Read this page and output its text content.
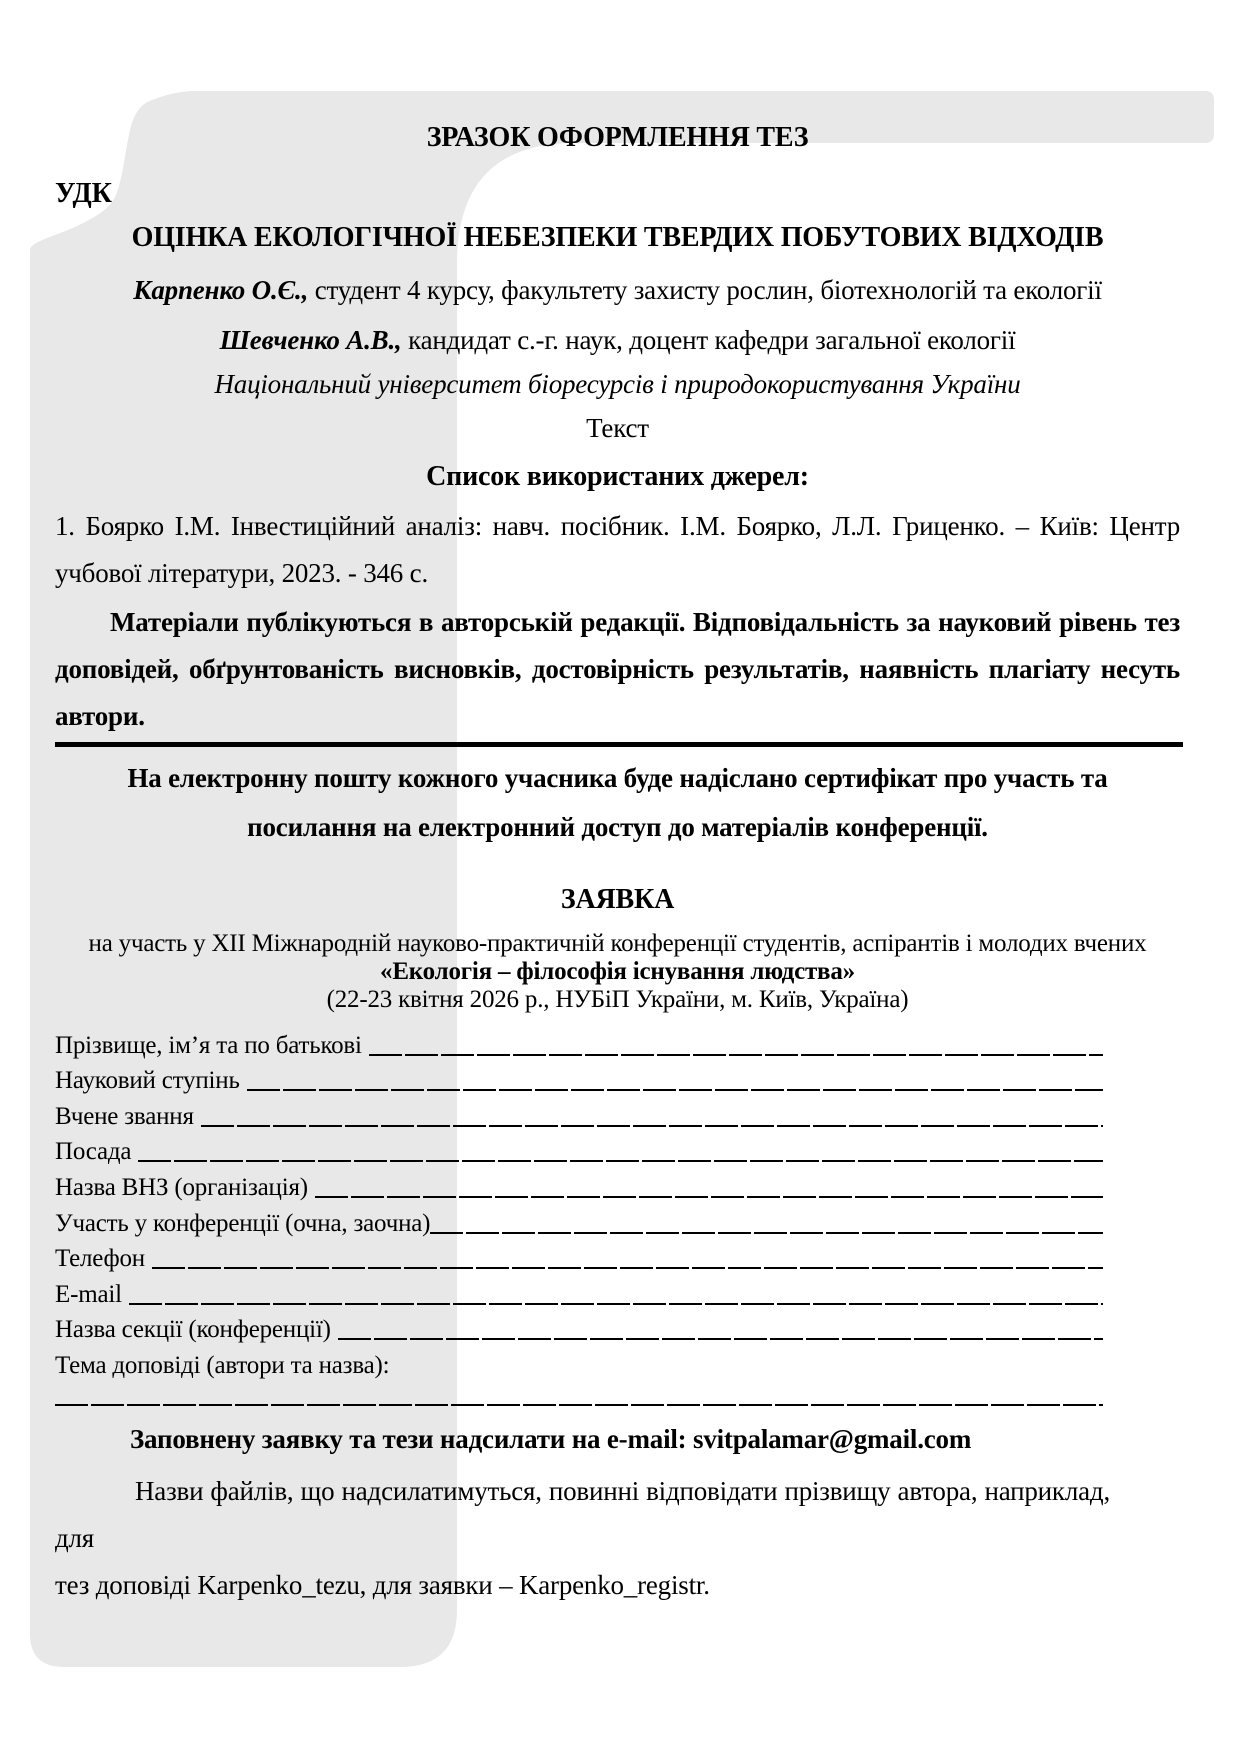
ЗРАЗОК ОФОРМЛЕННЯ ТЕЗ
УДК
ОЦІНКА ЕКОЛОГІЧНОЇ НЕБЕЗПЕКИ ТВЕРДИХ ПОБУТОВИХ ВІДХОДІВ
Карпенко О.Є., студент 4 курсу, факультету захисту рослин, біотехнологій та екології
Шевченко А.В., кандидат с.-г. наук, доцент кафедри загальної екології
Національний університет біоресурсів і природокористування України
Текст
Список використаних джерел:
1. Боярко І.М. Інвестиційний аналіз: навч. посібник. І.М. Боярко, Л.Л. Гриценко. – Київ: Центр
учбової літератури, 2023. - 346 с.
Матеріали публікуються в авторській редакції. Відповідальність за науковий рівень тез
доповідей, обґрунтованість висновків, достовірність результатів, наявність плагіату несуть
автори.
На електронну пошту кожного учасника буде надіслано сертифікат про участь та
посилання на електронний доступ до матеріалів конференції.
ЗАЯВКА
на участь у ХІІ Міжнародній науково-практичній конференції студентів, аспірантів і молодих вчених
«Екологія – філософія існування людства»
(22-23 квітня 2026 р., НУБіП України, м. Київ, Україна)
Прізвище, ім’я та по батькові
Науковий ступінь
Вчене звання
Посада
Назва ВНЗ (організація)
Участь у конференції (очна, заочна)
Телефон
E-mail
Назва секції (конференції)
Тема доповіді (автори та назва):
Заповнену заявку та тези надсилати на e-mail: svitpalamar@gmail.com
Назви файлів, що надсилатимуться, повинні відповідати прізвищу автора, наприклад, для
тез доповіді Karpenko_tezu, для заявки – Karpenko_registr.
